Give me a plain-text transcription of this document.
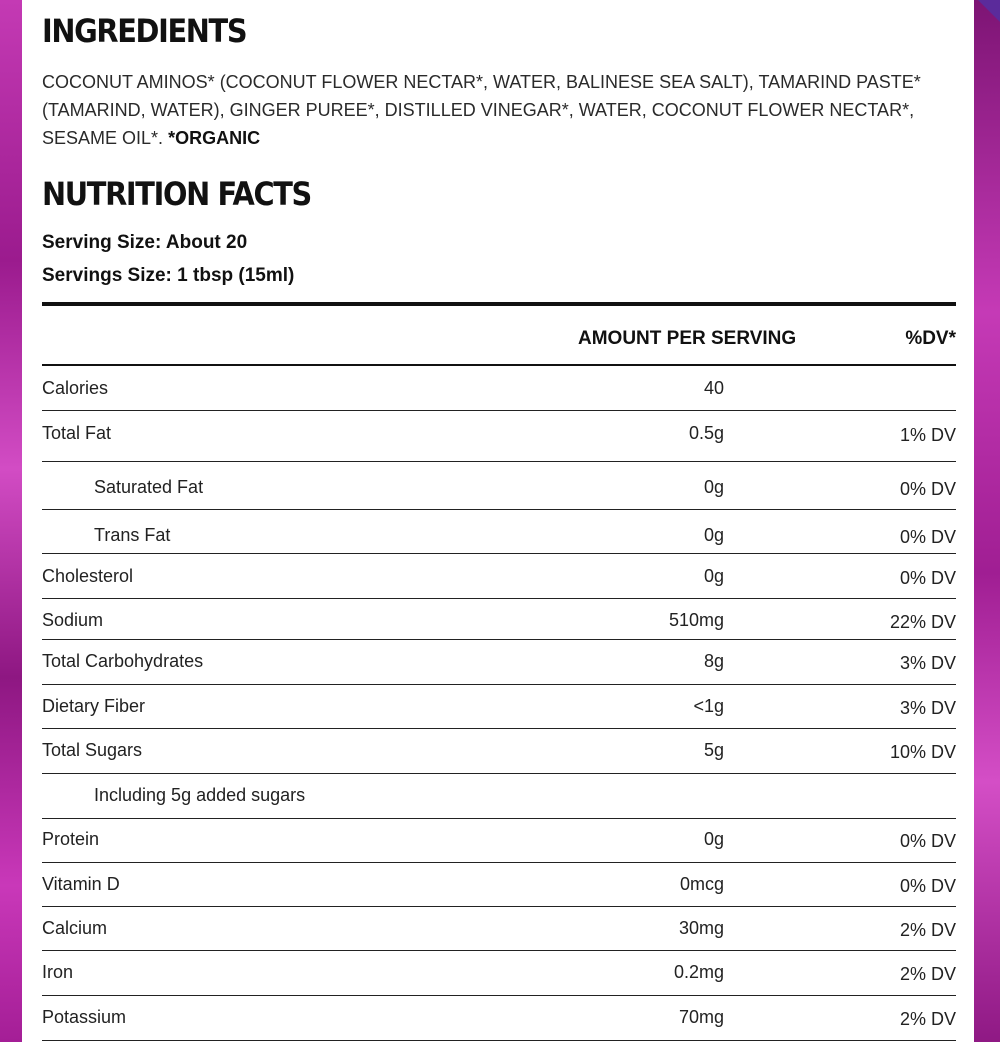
INGREDIENTS

COCONUT AMINOS* (COCONUT FLOWER NECTAR*, WATER, BALINESE SEA SALT), TAMARIND PASTE* (TAMARIND, WATER), GINGER PUREE*, DISTILLED VINEGAR*, WATER, COCONUT FLOWER NECTAR*, SESAME OIL*. *ORGANIC

NUTRITION FACTS

Serving Size: About 20

Servings Size: 1 tbsp (15ml)

AMOUNT PER SERVING	%DV*
Calories	40
Total Fat	0.5g	1% DV
Saturated Fat	0g	0% DV
Trans Fat	0g	0% DV
Cholesterol	0g	0% DV
Sodium	510mg	22% DV
Total Carbohydrates	8g	3% DV
Dietary Fiber	<1g	3% DV
Total Sugars	5g	10% DV
Including 5g added sugars
Protein	0g	0% DV
Vitamin D	0mcg	0% DV
Calcium	30mg	2% DV
Iron	0.2mg	2% DV
Potassium	70mg	2% DV
